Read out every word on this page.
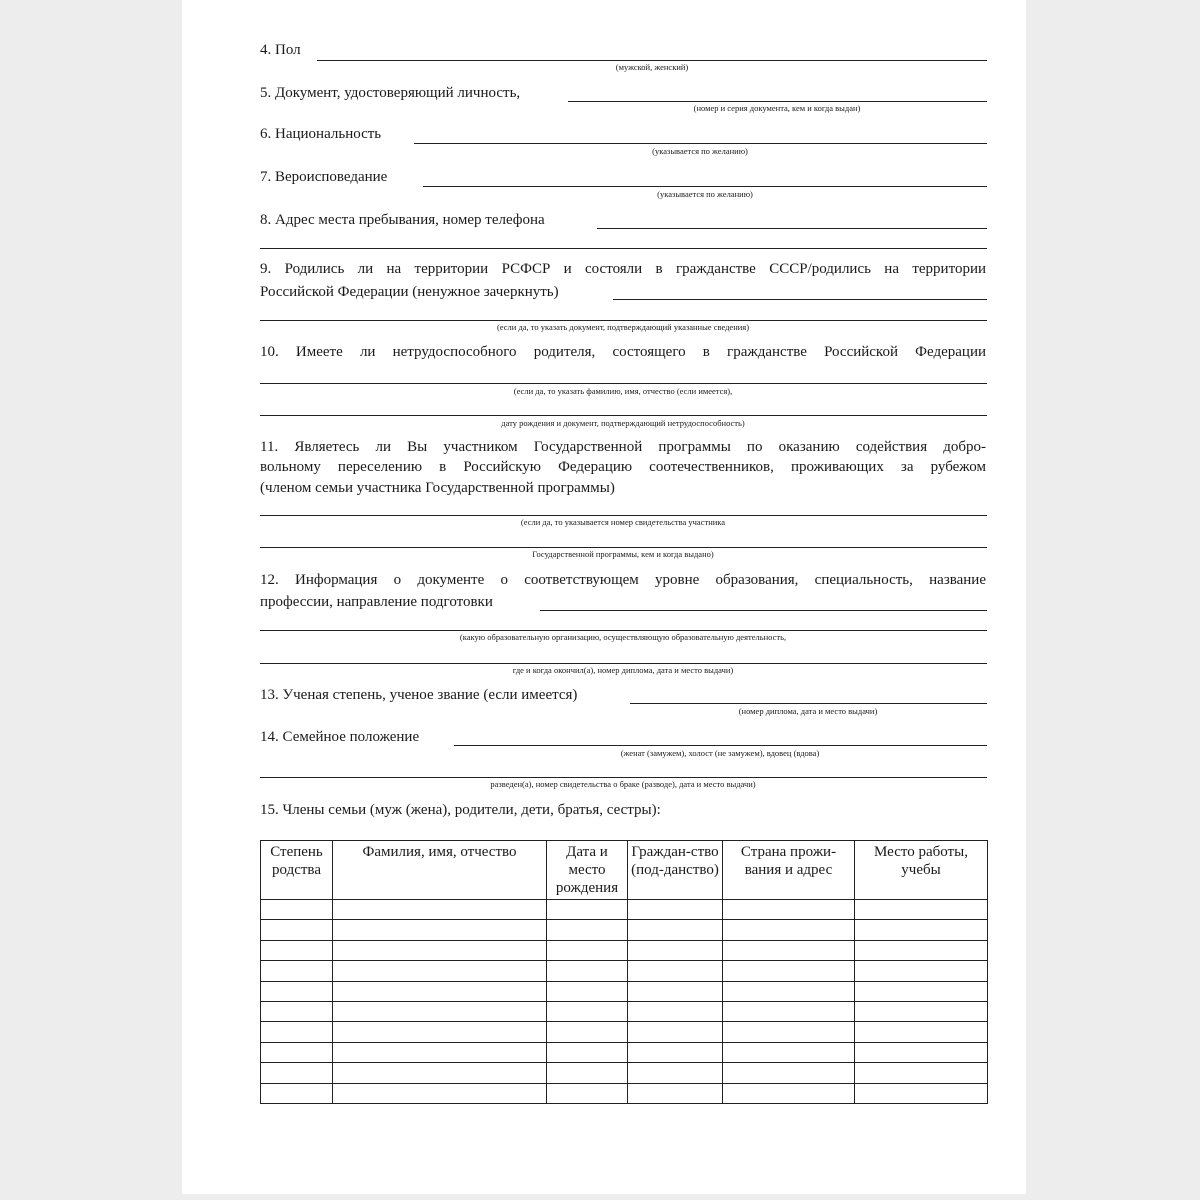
4. Пол
(мужской, женский)
5. Документ, удостоверяющий личность,
(номер и серия документа, кем и когда выдан)
6. Национальность
(указывается по желанию)
7. Вероисповедание
(указывается по желанию)
8. Адрес места пребывания, номер телефона
9. Родились ли на территории РСФСР и состояли в гражданстве СССР/родились на территории
Российской Федерации (ненужное зачеркнуть)
(если да, то указать документ, подтверждающий указанные сведения)
10. Имеете ли нетрудоспособного родителя, состоящего в гражданстве Российской Федерации
(если да, то указать фамилию, имя, отчество (если имеется),
дату рождения и документ, подтверждающий нетрудоспособность)
11. Являетесь ли Вы участником Государственной программы по оказанию содействия добро-
вольному переселению в Российскую Федерацию соотечественников, проживающих за рубежом
(членом семьи участника Государственной программы)
(если да, то указывается номер свидетельства участника
Государственной программы, кем и когда выдано)
12. Информация о документе о соответствующем уровне образования, специальность, название
профессии, направление подготовки
(какую образовательную организацию, осуществляющую образовательную деятельность,
где и когда окончил(а), номер диплома, дата и место выдачи)
13. Ученая степень, ученое звание (если имеется)
(номер диплома, дата и место выдачи)
14. Семейное положение
(женат (замужем), холост (не замужем), вдовец (вдова)
разведен(а), номер свидетельства о браке (разводе), дата и место выдачи)
15. Члены семьи (муж (жена), родители, дети, братья, сестры):
Степень родства	Фамилия, имя, отчество	Дата и место рождения	Граждан-ство (под-данство)	Страна прожи-вания и адрес	Место работы, учебы
